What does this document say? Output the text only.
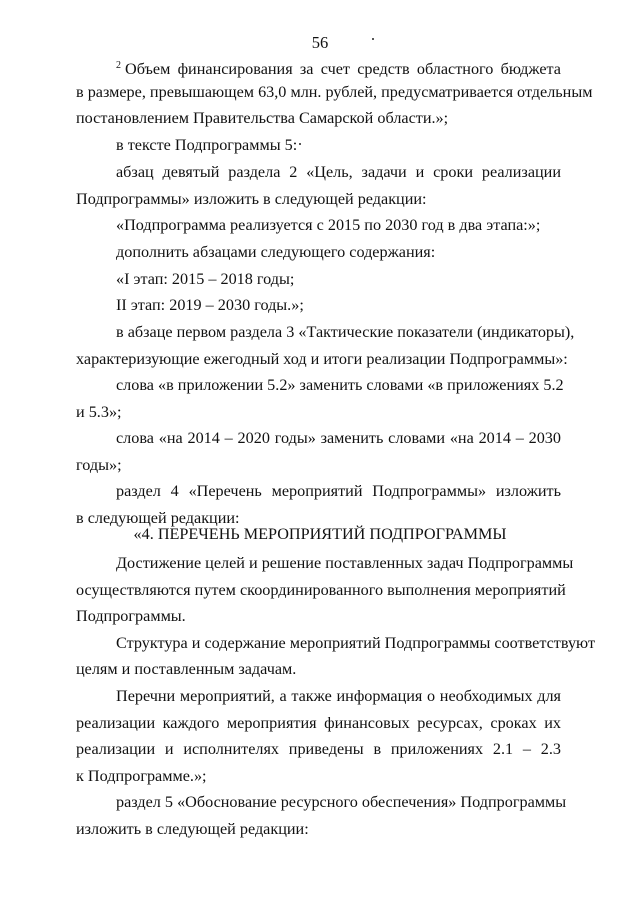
56
$^2$ Объем финансирования за счет средств областного бюджета
в размере, превышающем 63,0 млн. рублей, предусматривается отдельным
постановлением Правительства Самарской области.»;
в тексте Подпрограммы 5:
абзац девятый раздела 2 «Цель, задачи и сроки реализации
Подпрограммы» изложить в следующей редакции:
«Подпрограмма реализуется с 2015 по 2030 год в два этапа:»;
дополнить абзацами следующего содержания:
«I этап: 2015 – 2018 годы;
II этап: 2019 – 2030 годы.»;
в абзаце первом раздела 3 «Тактические показатели (индикаторы),
характеризующие ежегодный ход и итоги реализации Подпрограммы»:
слова «в приложении 5.2» заменить словами «в приложениях 5.2
и 5.3»;
слова «на 2014 – 2020 годы» заменить словами «на 2014 – 2030
годы»;
раздел 4 «Перечень мероприятий Подпрограммы» изложить
в следующей редакции:
«4. ПЕРЕЧЕНЬ МЕРОПРИЯТИЙ ПОДПРОГРАММЫ
Достижение целей и решение поставленных задач Подпрограммы
осуществляются путем скоординированного выполнения мероприятий
Подпрограммы.
Структура и содержание мероприятий Подпрограммы соответствуют
целям и поставленным задачам.
Перечни мероприятий, а также информация о необходимых для
реализации каждого мероприятия финансовых ресурсах, сроках их
реализации и исполнителях приведены в приложениях 2.1 – 2.3
к Подпрограмме.»;
раздел 5 «Обоснование ресурсного обеспечения» Подпрограммы
изложить в следующей редакции:
